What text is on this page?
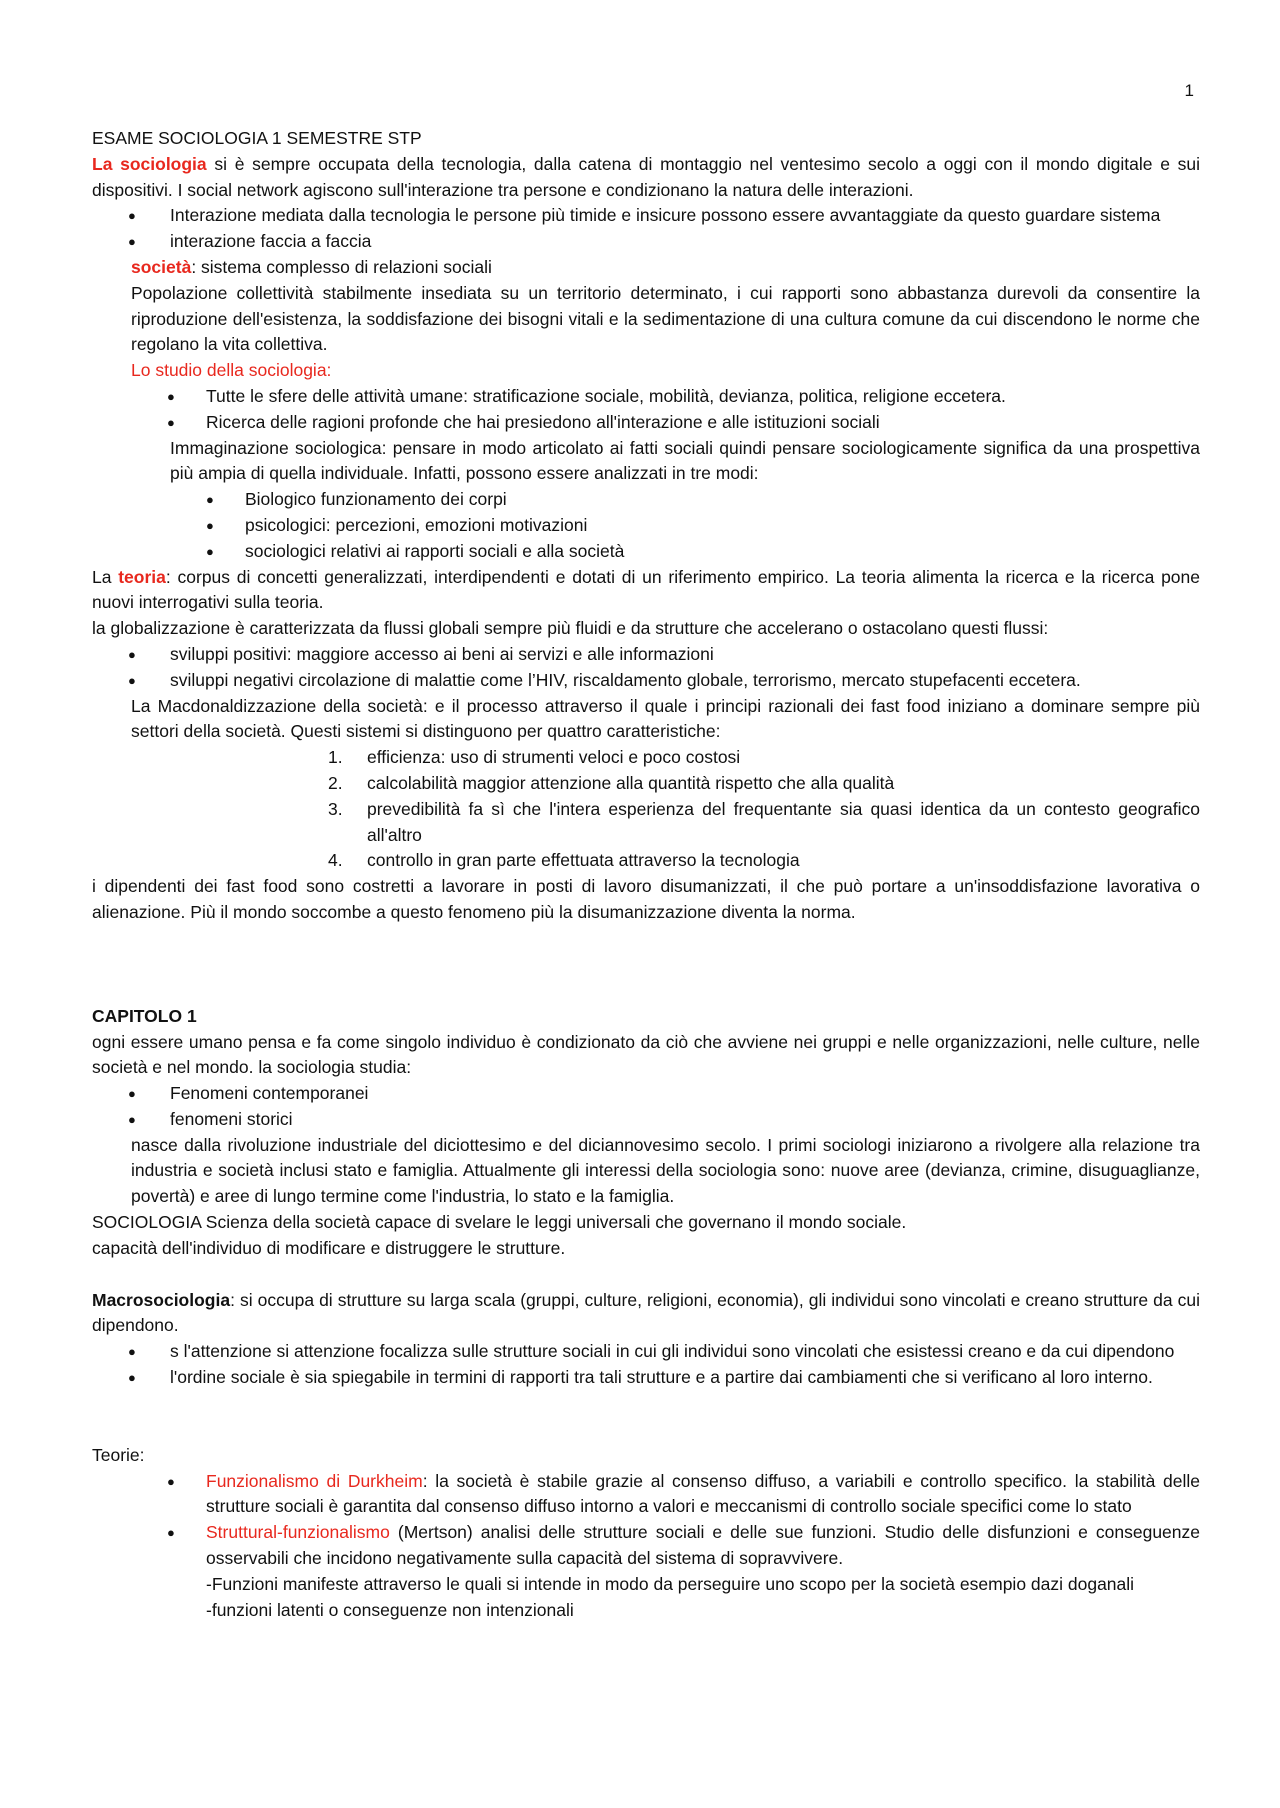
1

ESAME SOCIOLOGIA 1 SEMESTRE STP

La sociologia si è sempre occupata della tecnologia, dalla catena di montaggio nel ventesimo secolo a oggi con il mondo digitale e sui dispositivi. I social network agiscono sull'interazione tra persone e condizionano la natura delle interazioni.

● Interazione mediata dalla tecnologia le persone più timide e insicure possono essere avvantaggiate da questo guardare sistema
● interazione faccia a faccia

società: sistema complesso di relazioni sociali

Popolazione collettività stabilmente insediata su un territorio determinato, i cui rapporti sono abbastanza durevoli da consentire la riproduzione dell'esistenza, la soddisfazione dei bisogni vitali e la sedimentazione di una cultura comune da cui discendono le norme che regolano la vita collettiva.

Lo studio della sociologia:

● Tutte le sfere delle attività umane: stratificazione sociale, mobilità, devianza, politica, religione eccetera.
● Ricerca delle ragioni profonde che hai presiedono all'interazione e alle istituzioni sociali

Immaginazione sociologica: pensare in modo articolato ai fatti sociali quindi pensare sociologicamente significa da una prospettiva più ampia di quella individuale. Infatti, possono essere analizzati in tre modi:

● Biologico funzionamento dei corpi
● psicologici: percezioni, emozioni motivazioni
● sociologici relativi ai rapporti sociali e alla società

La teoria: corpus di concetti generalizzati, interdipendenti e dotati di un riferimento empirico. La teoria alimenta la ricerca e la ricerca pone nuovi interrogativi sulla teoria.

la globalizzazione è caratterizzata da flussi globali sempre più fluidi e da strutture che accelerano o ostacolano questi flussi:

● sviluppi positivi: maggiore accesso ai beni ai servizi e alle informazioni
● sviluppi negativi circolazione di malattie come l’HIV, riscaldamento globale, terrorismo, mercato stupefacenti eccetera.

La Macdonaldizzazione della società: e il processo attraverso il quale i principi razionali dei fast food iniziano a dominare sempre più settori della società. Questi sistemi si distinguono per quattro caratteristiche:

1. efficienza: uso di strumenti veloci e poco costosi
2. calcolabilità maggior attenzione alla quantità rispetto che alla qualità
3. prevedibilità fa sì che l'intera esperienza del frequentante sia quasi identica da un contesto geografico all'altro
4. controllo in gran parte effettuata attraverso la tecnologia

i dipendenti dei fast food sono costretti a lavorare in posti di lavoro disumanizzati, il che può portare a un'insoddisfazione lavorativa o alienazione. Più il mondo soccombe a questo fenomeno più la disumanizzazione diventa la norma.

CAPITOLO 1

ogni essere umano pensa e fa come singolo individuo è condizionato da ciò che avviene nei gruppi e nelle organizzazioni, nelle culture, nelle società e nel mondo. la sociologia studia:

● Fenomeni contemporanei
● fenomeni storici

nasce dalla rivoluzione industriale del diciottesimo e del diciannovesimo secolo. I primi sociologi iniziarono a rivolgere alla relazione tra industria e società inclusi stato e famiglia. Attualmente gli interessi della sociologia sono: nuove aree (devianza, crimine, disuguaglianze, povertà) e aree di lungo termine come l'industria, lo stato e la famiglia.

SOCIOLOGIA Scienza della società capace di svelare le leggi universali che governano il mondo sociale.

capacità dell'individuo di modificare e distruggere le strutture.

Macrosociologia: si occupa di strutture su larga scala (gruppi, culture, religioni, economia), gli individui sono vincolati e creano strutture da cui dipendono.

● s l'attenzione si attenzione focalizza sulle strutture sociali in cui gli individui sono vincolati che esistessi creano e da cui dipendono
● l'ordine sociale è sia spiegabile in termini di rapporti tra tali strutture e a partire dai cambiamenti che si verificano al loro interno.

Teorie:

● Funzionalismo di Durkheim: la società è stabile grazie al consenso diffuso, a variabili e controllo specifico. la stabilità delle strutture sociali è garantita dal consenso diffuso intorno a valori e meccanismi di controllo sociale specifici come lo stato
● Struttural-funzionalismo (Mertson) analisi delle strutture sociali e delle sue funzioni. Studio delle disfunzioni e conseguenze osservabili che incidono negativamente sulla capacità del sistema di sopravvivere.
-Funzioni manifeste attraverso le quali si intende in modo da perseguire uno scopo per la società esempio dazi doganali
-funzioni latenti o conseguenze non intenzionali
